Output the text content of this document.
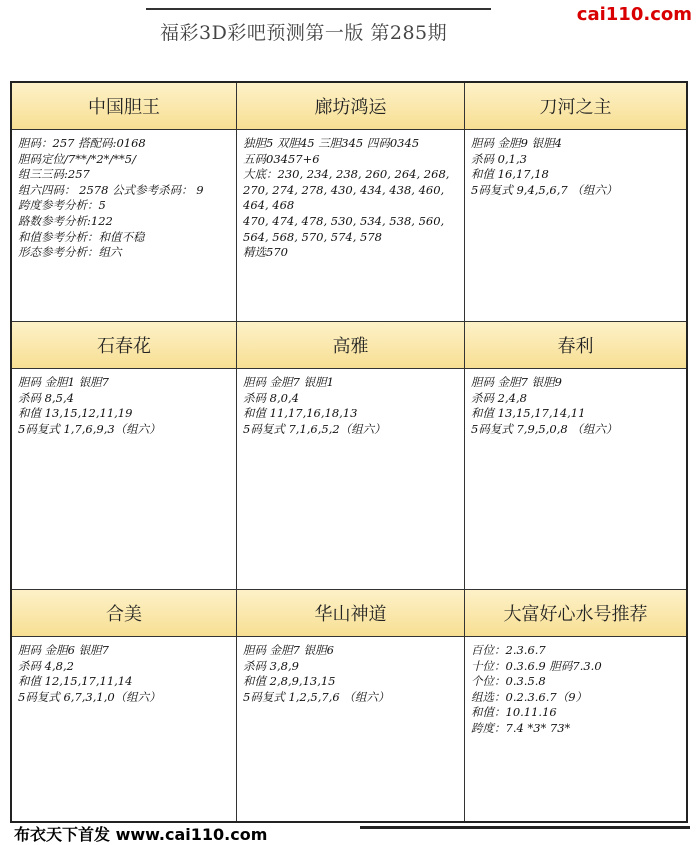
福彩3D彩吧预测第一版 第285期
cai110.com
中国胆王
胆码：257 搭配码:0168
胆码定位/7**/*2*/**5/
组三三码:257
组六四码： 2578 公式参考杀码： 9
跨度参考分析：5
路数参考分析:122
和值参考分析：和值不稳
形态参考分析：组六
廊坊鸿运
独胆5 双胆45 三胆345 四码0345
五码03457+6
大底：230, 234, 238, 260, 264, 268,
270, 274, 278, 430, 434, 438, 460,
464, 468
470, 474, 478, 530, 534, 538, 560,
564, 568, 570, 574, 578
精选570
刀河之主
胆码 金胆9 银胆4
杀码 0,1,3
和值 16,17,18
5码复式 9,4,5,6,7 （组六）
石春花
胆码 金胆1 银胆7
杀码 8,5,4
和值 13,15,12,11,19
5码复式 1,7,6,9,3（组六）
高雅
胆码 金胆7 银胆1
杀码 8,0,4
和值 11,17,16,18,13
5码复式 7,1,6,5,2（组六）
春利
胆码 金胆7 银胆9
杀码 2,4,8
和值 13,15,17,14,11
5码复式 7,9,5,0,8 （组六）
合美
胆码 金胆6 银胆7
杀码 4,8,2
和值 12,15,17,11,14
5码复式 6,7,3,1,0（组六）
华山神道
胆码 金胆7 银胆6
杀码 3,8,9
和值 2,8,9,13,15
5码复式 1,2,5,7,6 （组六）
大富好心水号推荐
百位：2.3.6.7
十位：0.3.6.9 胆码7.3.0
个位：0.3.5.8
组选：0.2.3.6.7（9）
和值：10.11.16
跨度：7.4 *3* 73*
布衣天下首发 www.cai110.com
